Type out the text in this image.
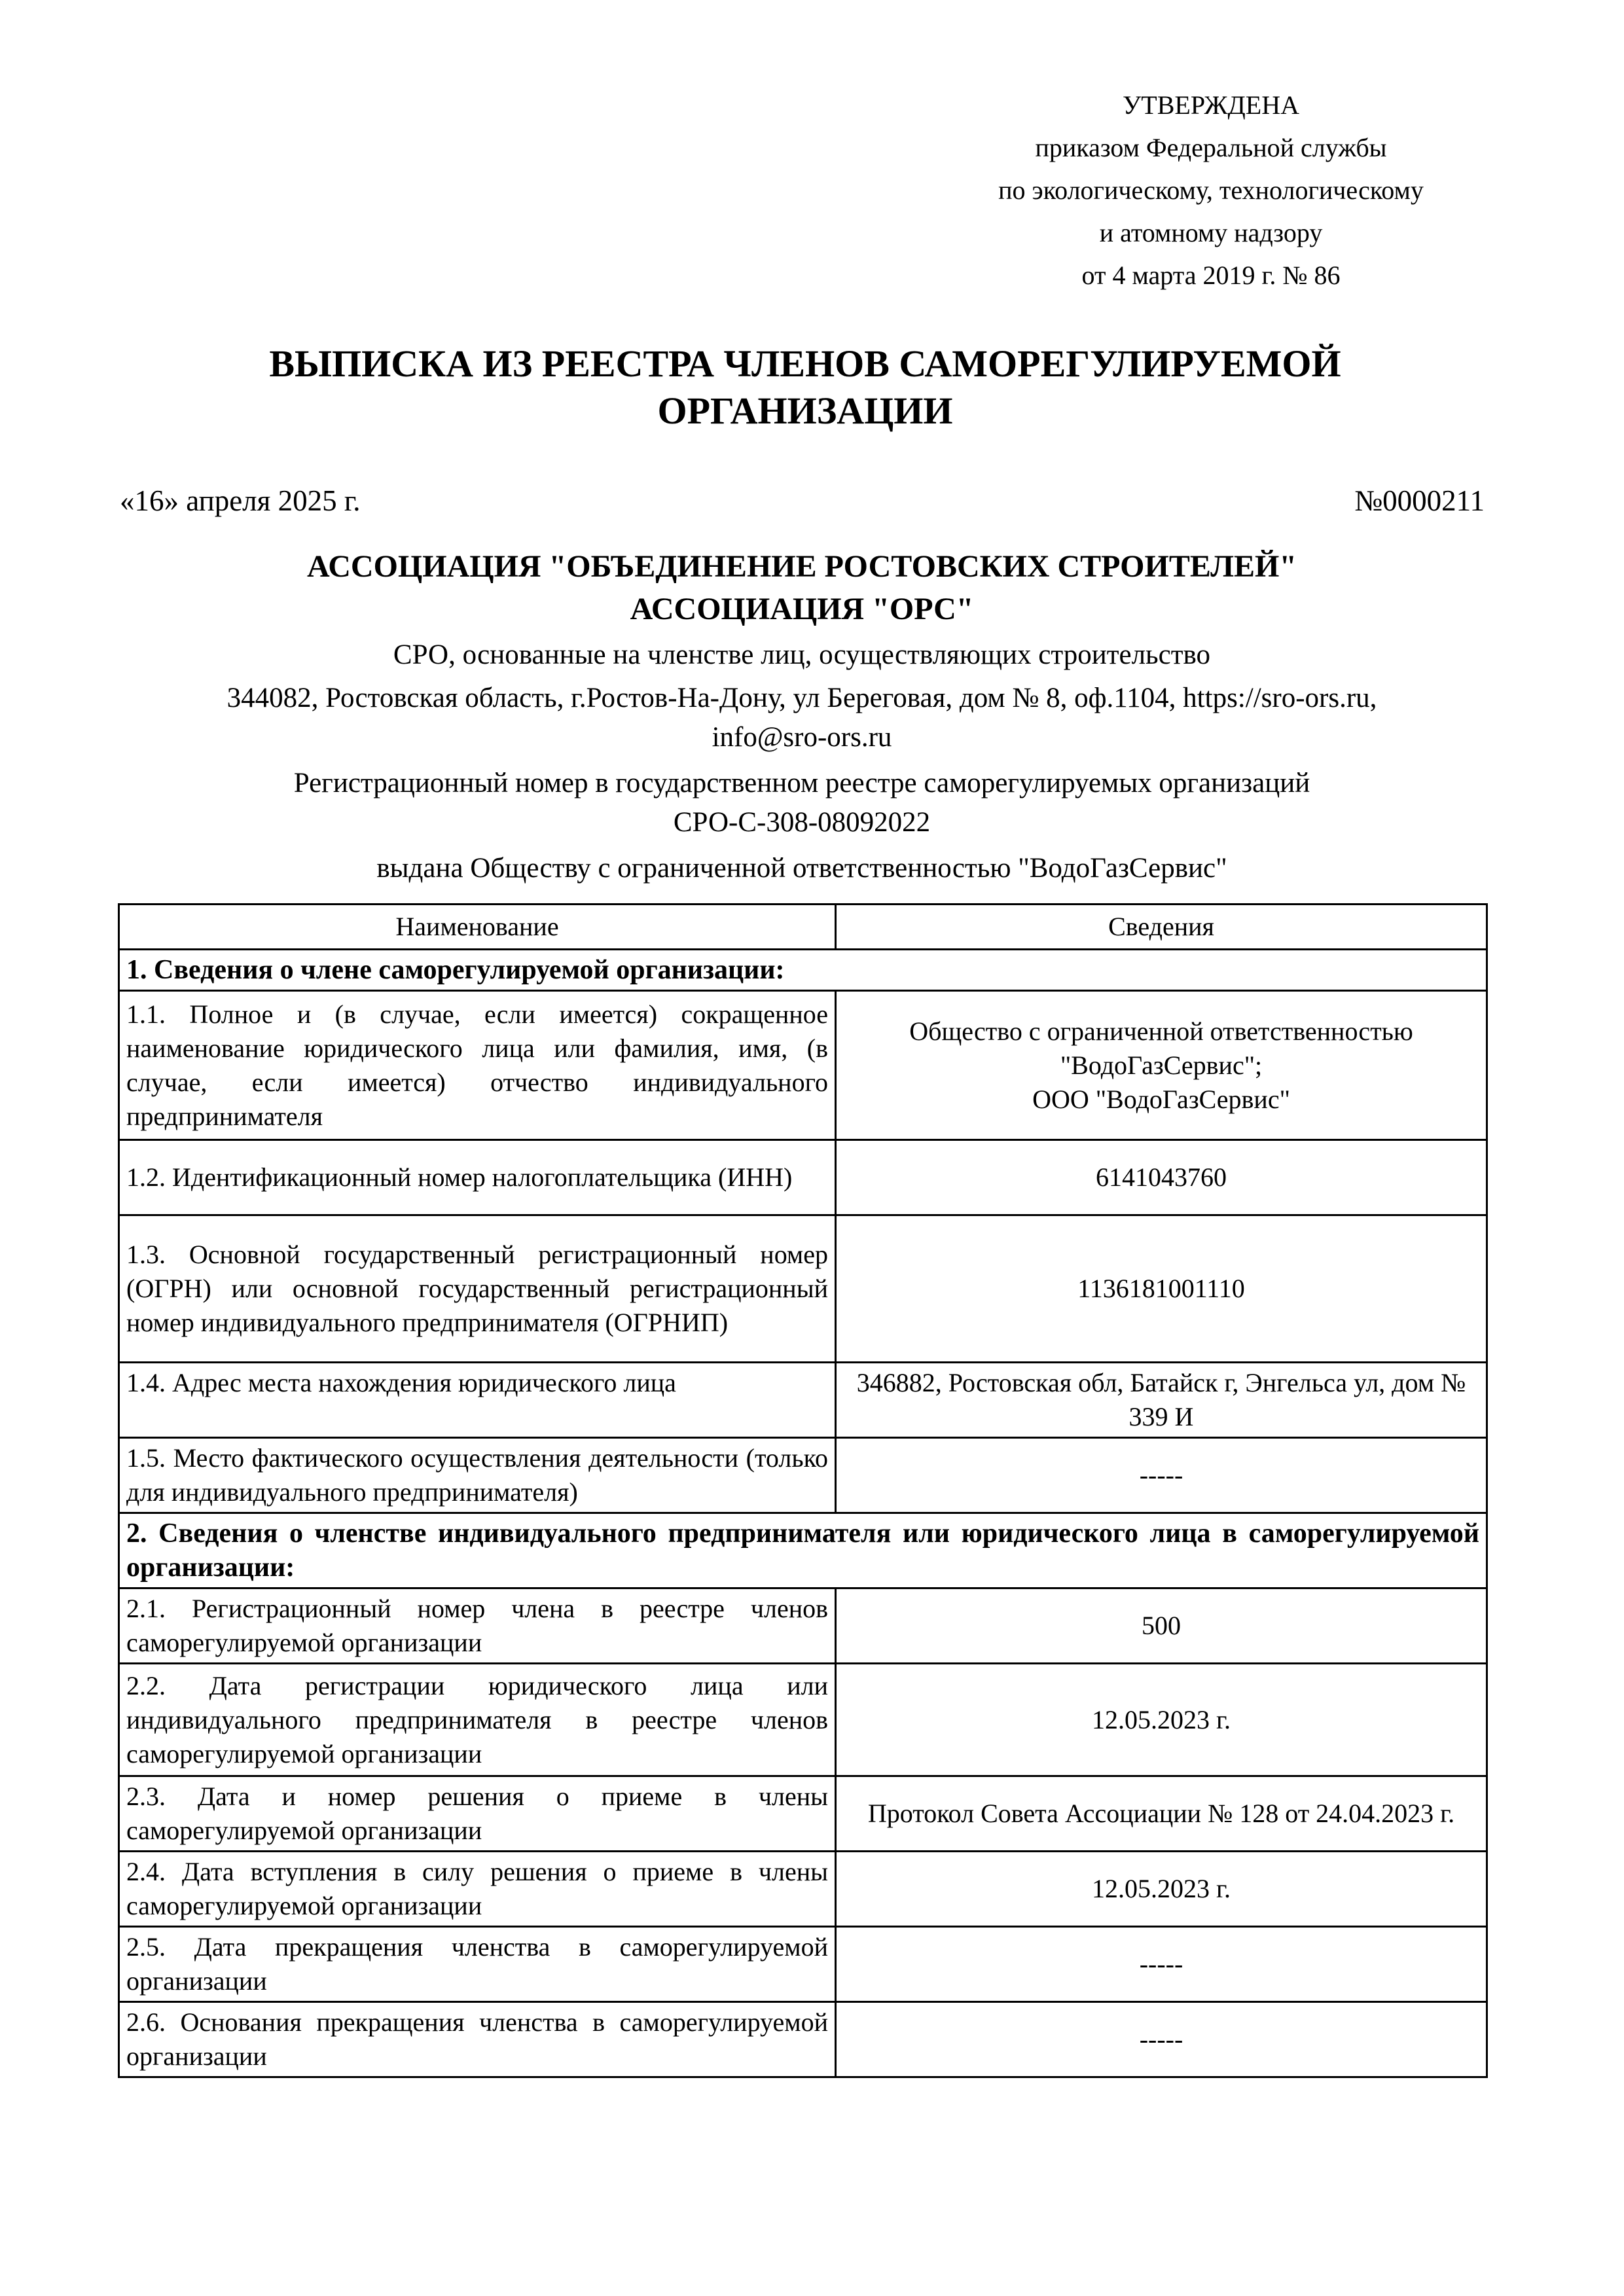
УТВЕРЖДЕНА
приказом Федеральной службы
по экологическому, технологическому
и атомному надзору
от 4 марта 2019 г. № 86
ВЫПИСКА ИЗ РЕЕСТРА ЧЛЕНОВ САМОРЕГУЛИРУЕМОЙ
ОРГАНИЗАЦИИ
«16» апреля 2025 г.	№0000211
АССОЦИАЦИЯ "ОБЪЕДИНЕНИЕ РОСТОВСКИХ СТРОИТЕЛЕЙ"
АССОЦИАЦИЯ "ОРС"
СРО, основанные на членстве лиц, осуществляющих строительство
344082, Ростовская область, г.Ростов-На-Дону, ул Береговая, дом № 8, оф.1104, https://sro-ors.ru,
info@sro-ors.ru
Регистрационный номер в государственном реестре саморегулируемых организаций
СРО-С-308-08092022
выдана Обществу с ограниченной ответственностью "ВодоГазСервис"
Наименование	Сведения
1. Сведения о члене саморегулируемой организации:	
1.1. Полное и (в случае, если имеется) сокращенное наименование юридического лица или фамилия, имя, (в случае, если имеется) отчество индивидуального предпринимателя	Общество с ограниченной ответственностью
"ВодоГазСервис";
ООО "ВодоГазСервис"

1.2. Идентификационный номер налогоплательщика (ИНН)	6141043760
1.3. Основной государственный регистрационный номер (ОГРН) или основной государственный регистрационный номер индивидуального предпринимателя (ОГРНИП)	1136181001110
1.4. Адрес места нахождения юридического лица	346882, Ростовская обл, Батайск г, Энгельса ул, дом № 339 И
1.5. Место фактического осуществления деятельности (только для индивидуального предпринимателя)	-----
2. Сведения о членстве индивидуального предпринимателя или юридического лица в саморегулируемой организации:	
2.1. Регистрационный номер члена в реестре членов саморегулируемой организации	500
2.2. Дата регистрации юридического лица или индивидуального предпринимателя в реестре членов саморегулируемой организации	12.05.2023 г.
2.3. Дата и номер решения о приеме в члены саморегулируемой организации	Протокол Совета Ассоциации № 128 от 24.04.2023 г.
2.4. Дата вступления в силу решения о приеме в члены саморегулируемой организации	12.05.2023 г.
2.5. Дата прекращения членства в саморегулируемой организации	-----
2.6. Основания прекращения членства в саморегулируемой организации	-----
